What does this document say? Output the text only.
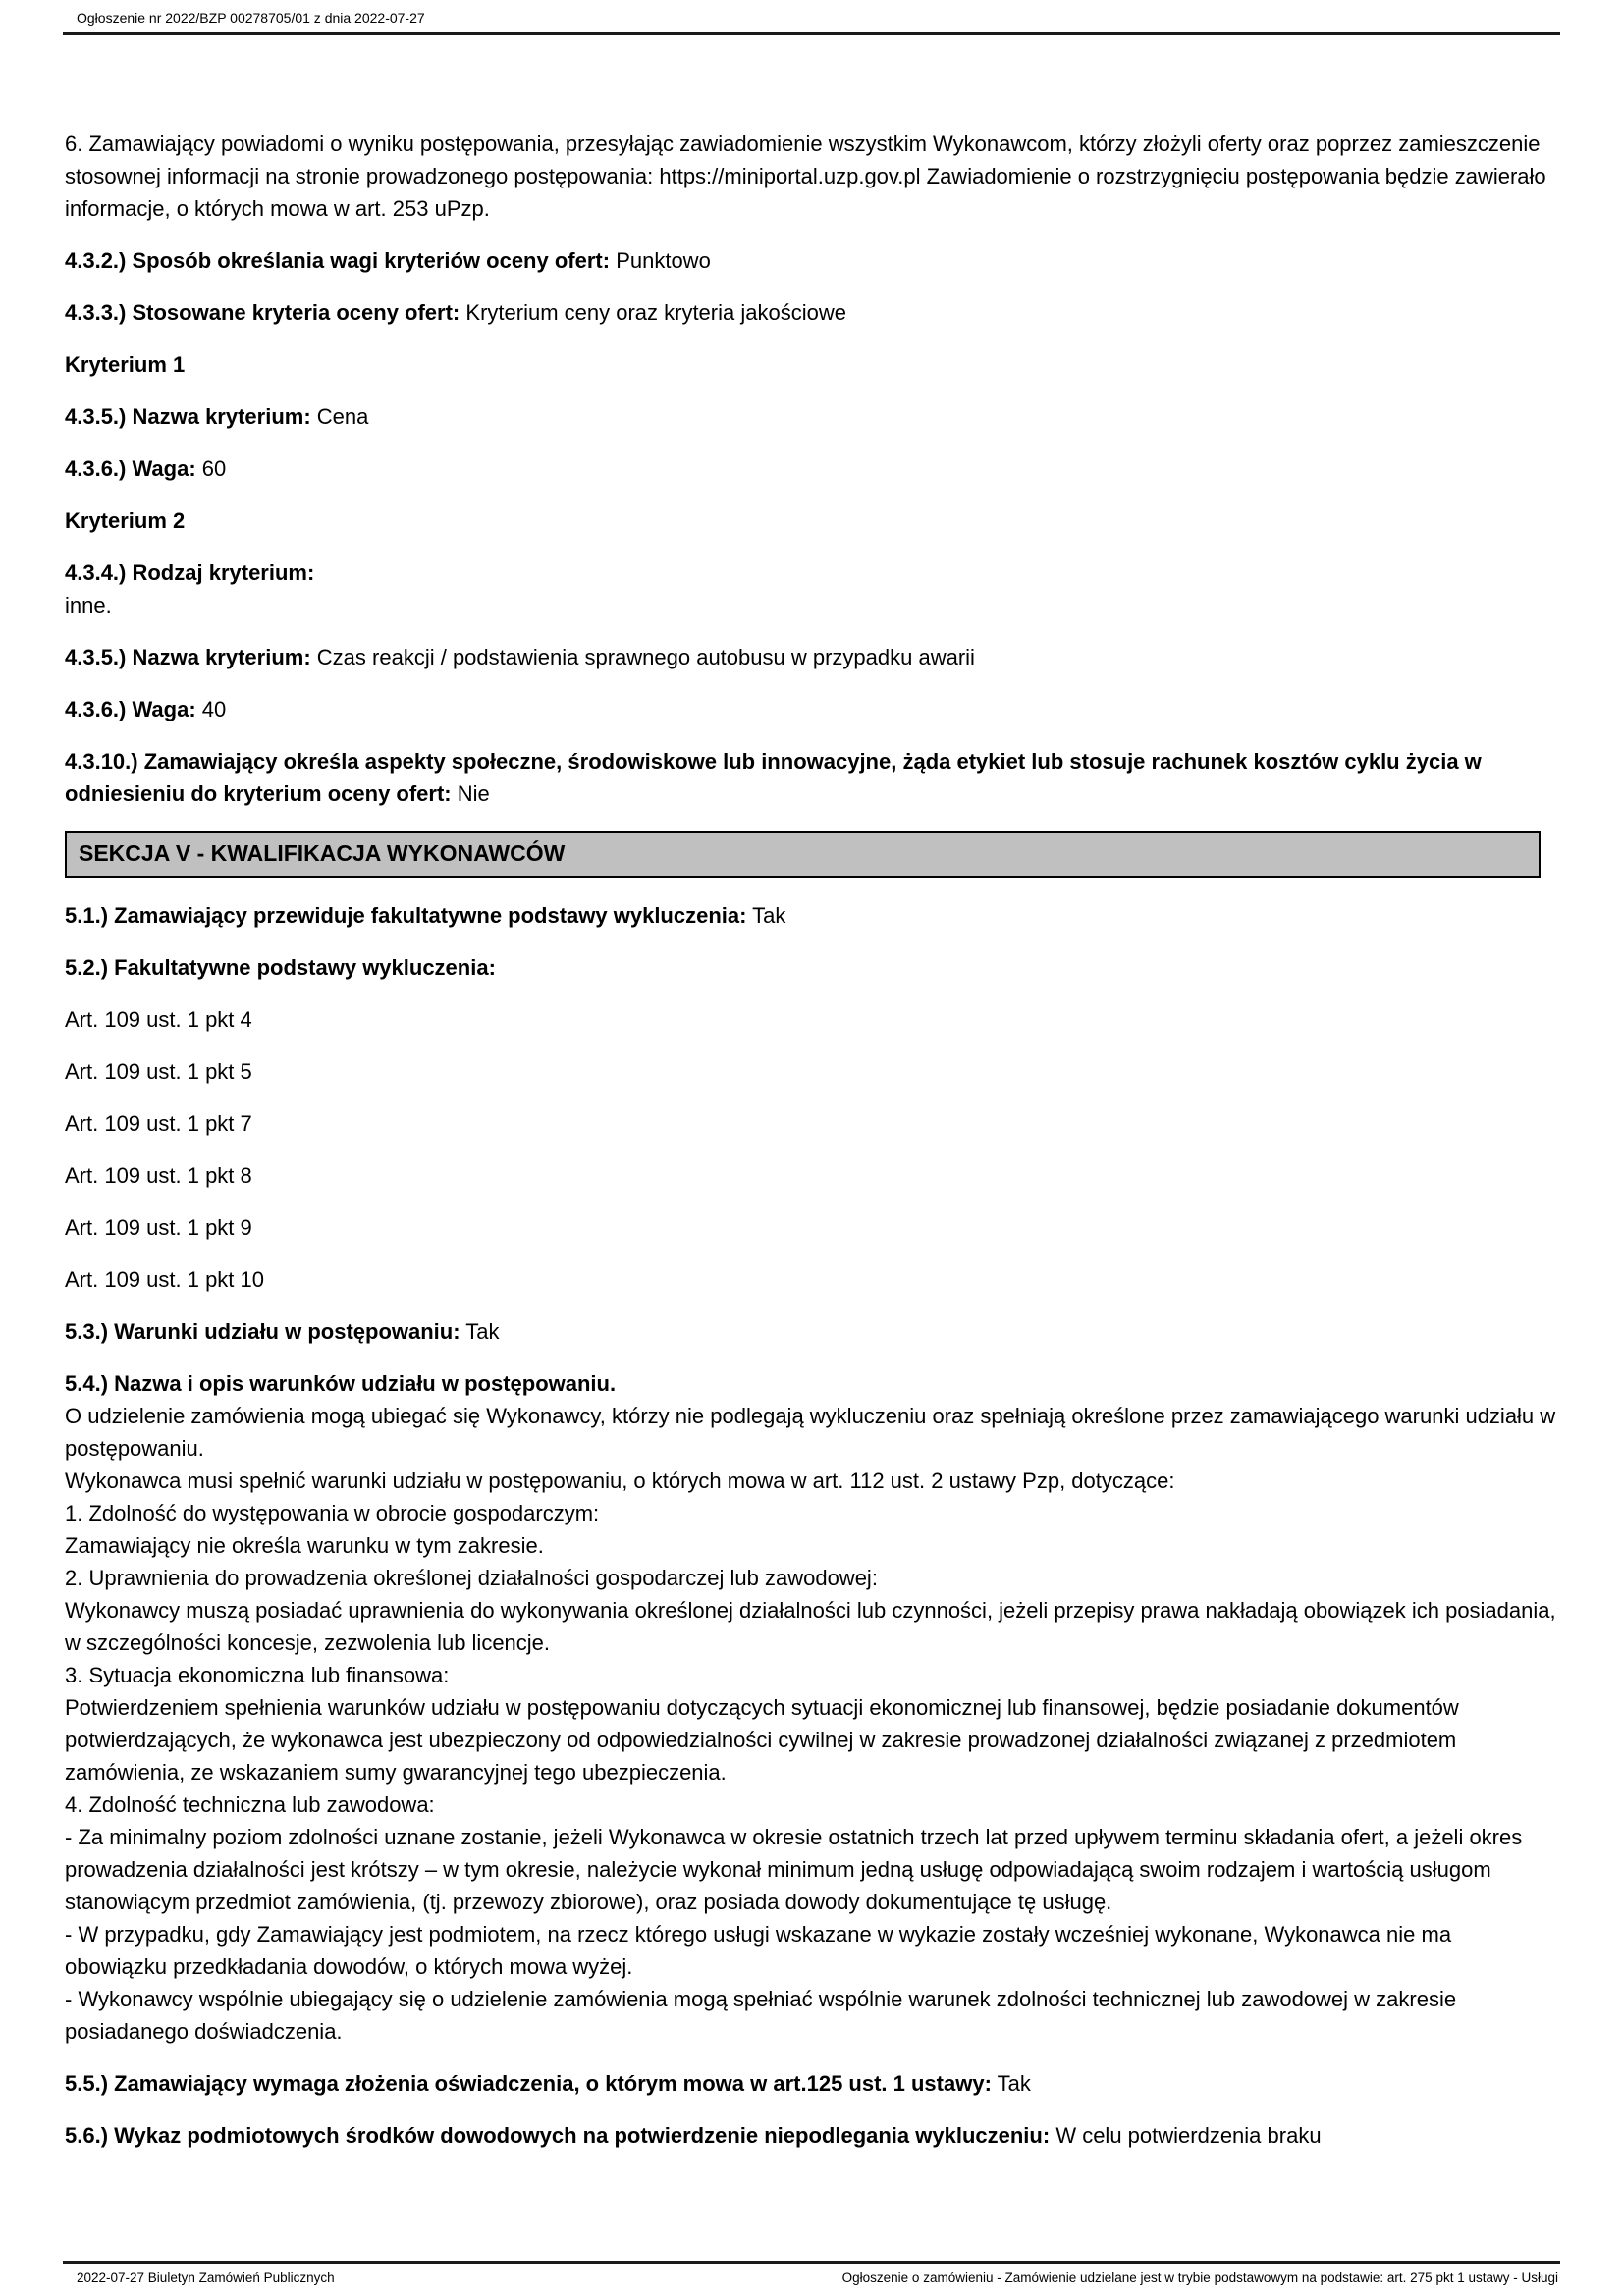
Ogłoszenie nr 2022/BZP 00278705/01 z dnia 2022-07-27

6. Zamawiający powiadomi o wyniku postępowania, przesyłając zawiadomienie wszystkim Wykonawcom, którzy złożyli oferty oraz poprzez zamieszczenie stosownej informacji na stronie prowadzonego postępowania: https://miniportal.uzp.gov.pl Zawiadomienie o rozstrzygnięciu postępowania będzie zawierało informacje, o których mowa w art. 253 uPzp.

4.3.2.) Sposób określania wagi kryteriów oceny ofert: Punktowo

4.3.3.) Stosowane kryteria oceny ofert: Kryterium ceny oraz kryteria jakościowe

Kryterium 1

4.3.5.) Nazwa kryterium: Cena

4.3.6.) Waga: 60

Kryterium 2

4.3.4.) Rodzaj kryterium:
inne.

4.3.5.) Nazwa kryterium: Czas reakcji / podstawienia sprawnego autobusu w przypadku awarii

4.3.6.) Waga: 40

4.3.10.) Zamawiający określa aspekty społeczne, środowiskowe lub innowacyjne, żąda etykiet lub stosuje rachunek kosztów cyklu życia w odniesieniu do kryterium oceny ofert: Nie

SEKCJA V - KWALIFIKACJA WYKONAWCÓW

5.1.) Zamawiający przewiduje fakultatywne podstawy wykluczenia: Tak

5.2.) Fakultatywne podstawy wykluczenia:

Art. 109 ust. 1 pkt 4

Art. 109 ust. 1 pkt 5

Art. 109 ust. 1 pkt 7

Art. 109 ust. 1 pkt 8

Art. 109 ust. 1 pkt 9

Art. 109 ust. 1 pkt 10

5.3.) Warunki udziału w postępowaniu: Tak

5.4.) Nazwa i opis warunków udziału w postępowaniu.
O udzielenie zamówienia mogą ubiegać się Wykonawcy, którzy nie podlegają wykluczeniu oraz spełniają określone przez zamawiającego warunki udziału w postępowaniu.
Wykonawca musi spełnić warunki udziału w postępowaniu, o których mowa w art. 112 ust. 2 ustawy Pzp, dotyczące:
1. Zdolność do występowania w obrocie gospodarczym:
Zamawiający nie określa warunku w tym zakresie.
2. Uprawnienia do prowadzenia określonej działalności gospodarczej lub zawodowej:
Wykonawcy muszą posiadać uprawnienia do wykonywania określonej działalności lub czynności, jeżeli przepisy prawa nakładają obowiązek ich posiadania, w szczególności koncesje, zezwolenia lub licencje.
3. Sytuacja ekonomiczna lub finansowa:
Potwierdzeniem spełnienia warunków udziału w postępowaniu dotyczących sytuacji ekonomicznej lub finansowej, będzie posiadanie dokumentów potwierdzających, że wykonawca jest ubezpieczony od odpowiedzialności cywilnej w zakresie prowadzonej działalności związanej z przedmiotem zamówienia, ze wskazaniem sumy gwarancyjnej tego ubezpieczenia.
4. Zdolność techniczna lub zawodowa:
- Za minimalny poziom zdolności uznane zostanie, jeżeli Wykonawca w okresie ostatnich trzech lat przed upływem terminu składania ofert, a jeżeli okres prowadzenia działalności jest krótszy – w tym okresie, należycie wykonał minimum jedną usługę odpowiadającą swoim rodzajem i wartością usługom stanowiącym przedmiot zamówienia, (tj. przewozy zbiorowe), oraz posiada dowody dokumentujące tę usługę.
- W przypadku, gdy Zamawiający jest podmiotem, na rzecz którego usługi wskazane w wykazie zostały wcześniej wykonane, Wykonawca nie ma obowiązku przedkładania dowodów, o których mowa wyżej.
- Wykonawcy wspólnie ubiegający się o udzielenie zamówienia mogą spełniać wspólnie warunek zdolności technicznej lub zawodowej w zakresie posiadanego doświadczenia.

5.5.) Zamawiający wymaga złożenia oświadczenia, o którym mowa w art.125 ust. 1 ustawy: Tak

5.6.) Wykaz podmiotowych środków dowodowych na potwierdzenie niepodlegania wykluczeniu: W celu potwierdzenia braku

2022-07-27 Biuletyn Zamówień Publicznych	Ogłoszenie o zamówieniu - Zamówienie udzielane jest w trybie podstawowym na podstawie: art. 275 pkt 1 ustawy - Usługi
